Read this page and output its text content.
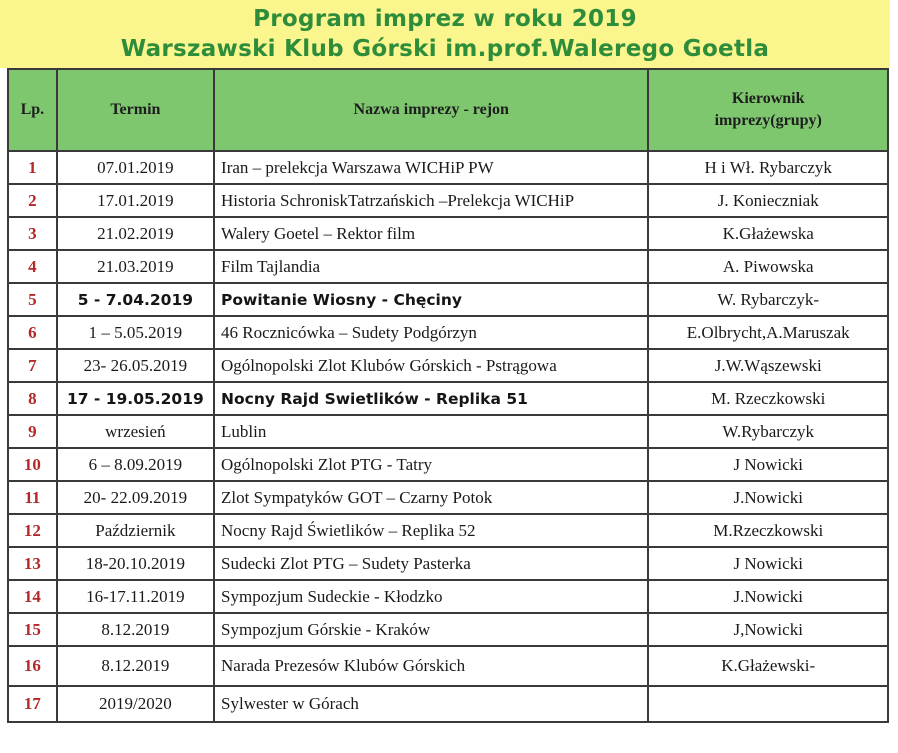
Program imprez w roku 2019
Warszawski Klub Górski im.prof.Walerego Goetla
Lp.	Termin	Nazwa imprezy - rejon	Kierownik
imprezy(grupy)

1	07.01.2019	Iran – prelekcja Warszawa WICHiP PW	H i Wł. Rybarczyk
2	17.01.2019	Historia SchroniskTatrzańskich –Prelekcja WICHiP	J. Konieczniak
3	21.02.2019	Walery Goetel – Rektor film	K.Głażewska
4	21.03.2019	Film Tajlandia	A. Piwowska
5	5 - 7.04.2019	Powitanie Wiosny - Chęciny	W. Rybarczyk-
6	1 – 5.05.2019	46 Rocznicówka – Sudety Podgórzyn	E.Olbrycht,A.Maruszak
7	23- 26.05.2019	Ogólnopolski Zlot Klubów Górskich - Pstrągowa	J.W.Wąszewski
8	17 - 19.05.2019	Nocny Rajd Swietlików - Replika 51	M. Rzeczkowski
9	wrzesień	Lublin	W.Rybarczyk
10	6 – 8.09.2019	Ogólnopolski Zlot PTG - Tatry	J Nowicki
11	20- 22.09.2019	Zlot Sympatyków GOT – Czarny Potok	J.Nowicki
12	Październik	Nocny Rajd Świetlików – Replika 52	M.Rzeczkowski
13	18-20.10.2019	Sudecki Zlot PTG – Sudety Pasterka	J Nowicki
14	16-17.11.2019	Sympozjum Sudeckie - Kłodzko	J.Nowicki
15	8.12.2019	Sympozjum Górskie - Kraków	J,Nowicki
16	8.12.2019	Narada Prezesów Klubów Górskich	K.Głażewski-
17	2019/2020	Sylwester w Górach	
